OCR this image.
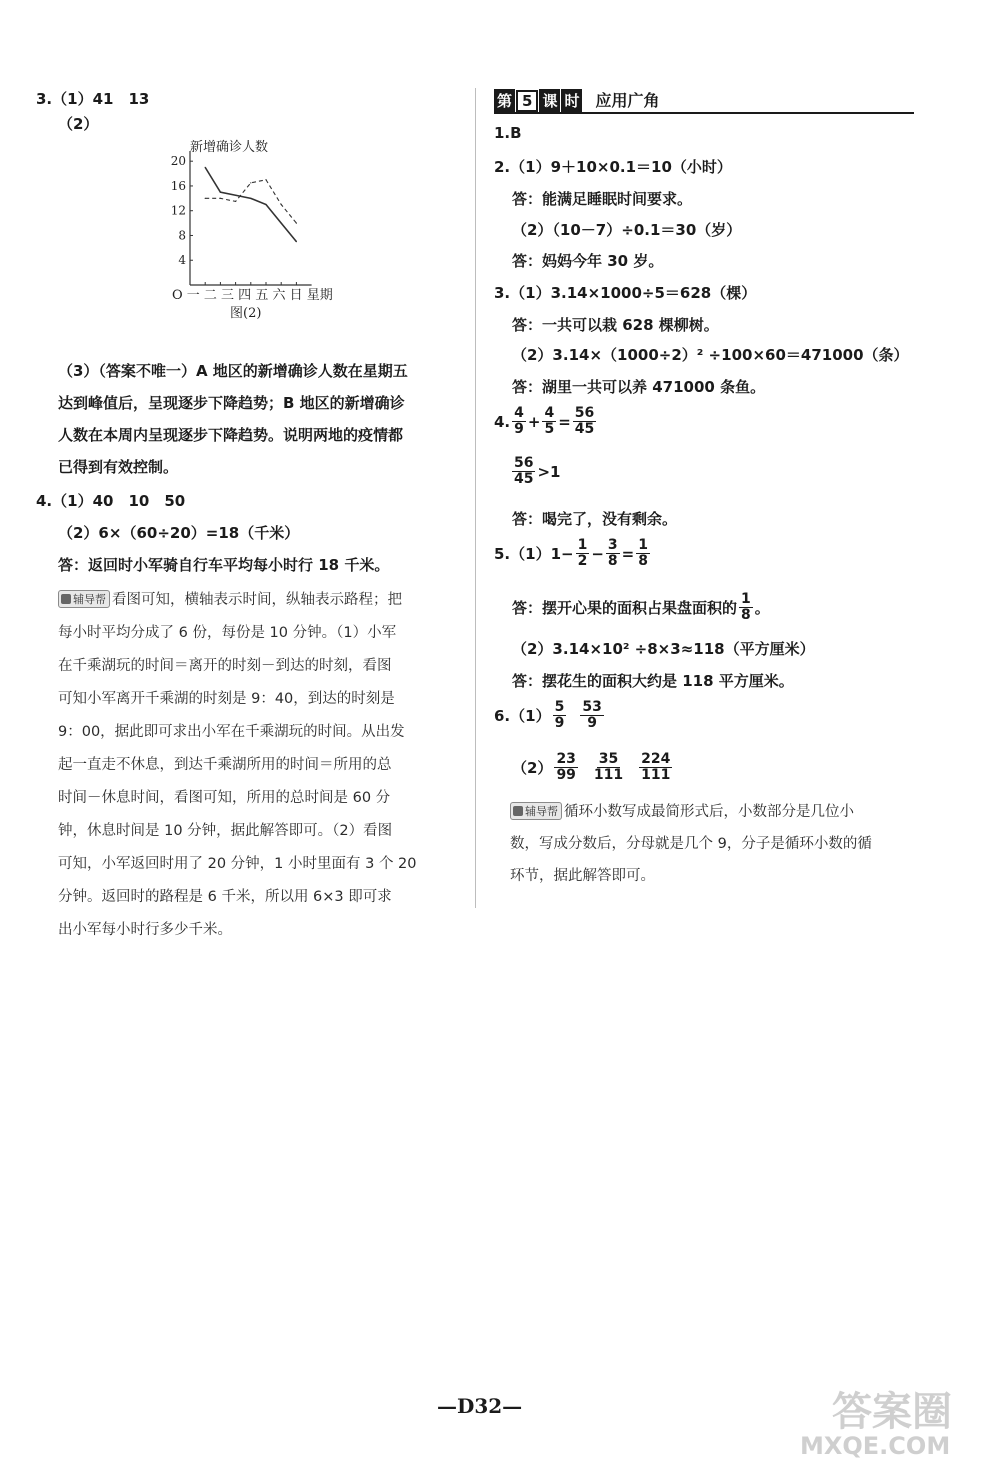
3.（1）41　13
（2）
新增确诊人数
4
8
12
16
20
O 一 二 三 四 五 六 日 星期
图(2)
（3）（答案不唯一）A 地区的新增确诊人数在星期五
达到峰值后，呈现逐步下降趋势；B 地区的新增确诊
人数在本周内呈现逐步下降趋势。说明两地的疫情都
已得到有效控制。
4.（1）40　10　50
（2）6×（60÷20）=18（千米）
答：返回时小军骑自行车平均每小时行 18 千米。
辅导帮 看图可知，横轴表示时间，纵轴表示路程；把
每小时平均分成了 6 份，每份是 10 分钟。（1）小军
在千乘湖玩的时间＝离开的时刻－到达的时刻，看图
可知小军离开千乘湖的时刻是 9：40，到达的时刻是
9：00，据此即可求出小军在千乘湖玩的时间。从出发
起一直走不休息，到达千乘湖所用的时间＝所用的总
时间－休息时间，看图可知，所用的总时间是 60 分
钟，休息时间是 10 分钟，据此解答即可。（2）看图
可知，小军返回时用了 20 分钟，1 小时里面有 3 个 20
分钟。返回时的路程是 6 千米，所以用 6×3 即可求
出小军每小时行多少千米。
第 5 课 时 应用广角
1.B
2.（1）9＋10×0.1＝10（小时）
答：能满足睡眠时间要求。
（2）（10－7）÷0.1＝30（岁）
答：妈妈今年 30 岁。
3.（1）3.14×1000÷5＝628（棵）
答：一共可以栽 628 棵柳树。
（2）3.14×（1000÷2）² ÷100×60＝471000（条）
答：湖里一共可以养 471000 条鱼。
4. $\frac{4}{9} + \frac{4}{5} = \frac{56}{45}$
$\frac{56}{45} >1$
答：喝完了，没有剩余。
$5.(1)1- \frac{1}{2} - \frac{3}{8} = \frac{1}{8}$
答：摆开心果的面积占果盘面积的 $\frac{1}{8}$ 。
（2）3.14×10² ÷8×3≈118（平方厘米）
答：摆花生的面积大约是 118 平方厘米。
$6.(1) \frac{5}{9} \frac{53}{9}$
$(2) \frac{23}{99} \frac{35}{111} \frac{224}{111}$
辅导帮 循环小数写成最简形式后，小数部分是几位小
数，写成分数后，分母就是几个 9，分子是循环小数的循
环节，据此解答即可。
—D32—	答案圈
MXQE.COM
